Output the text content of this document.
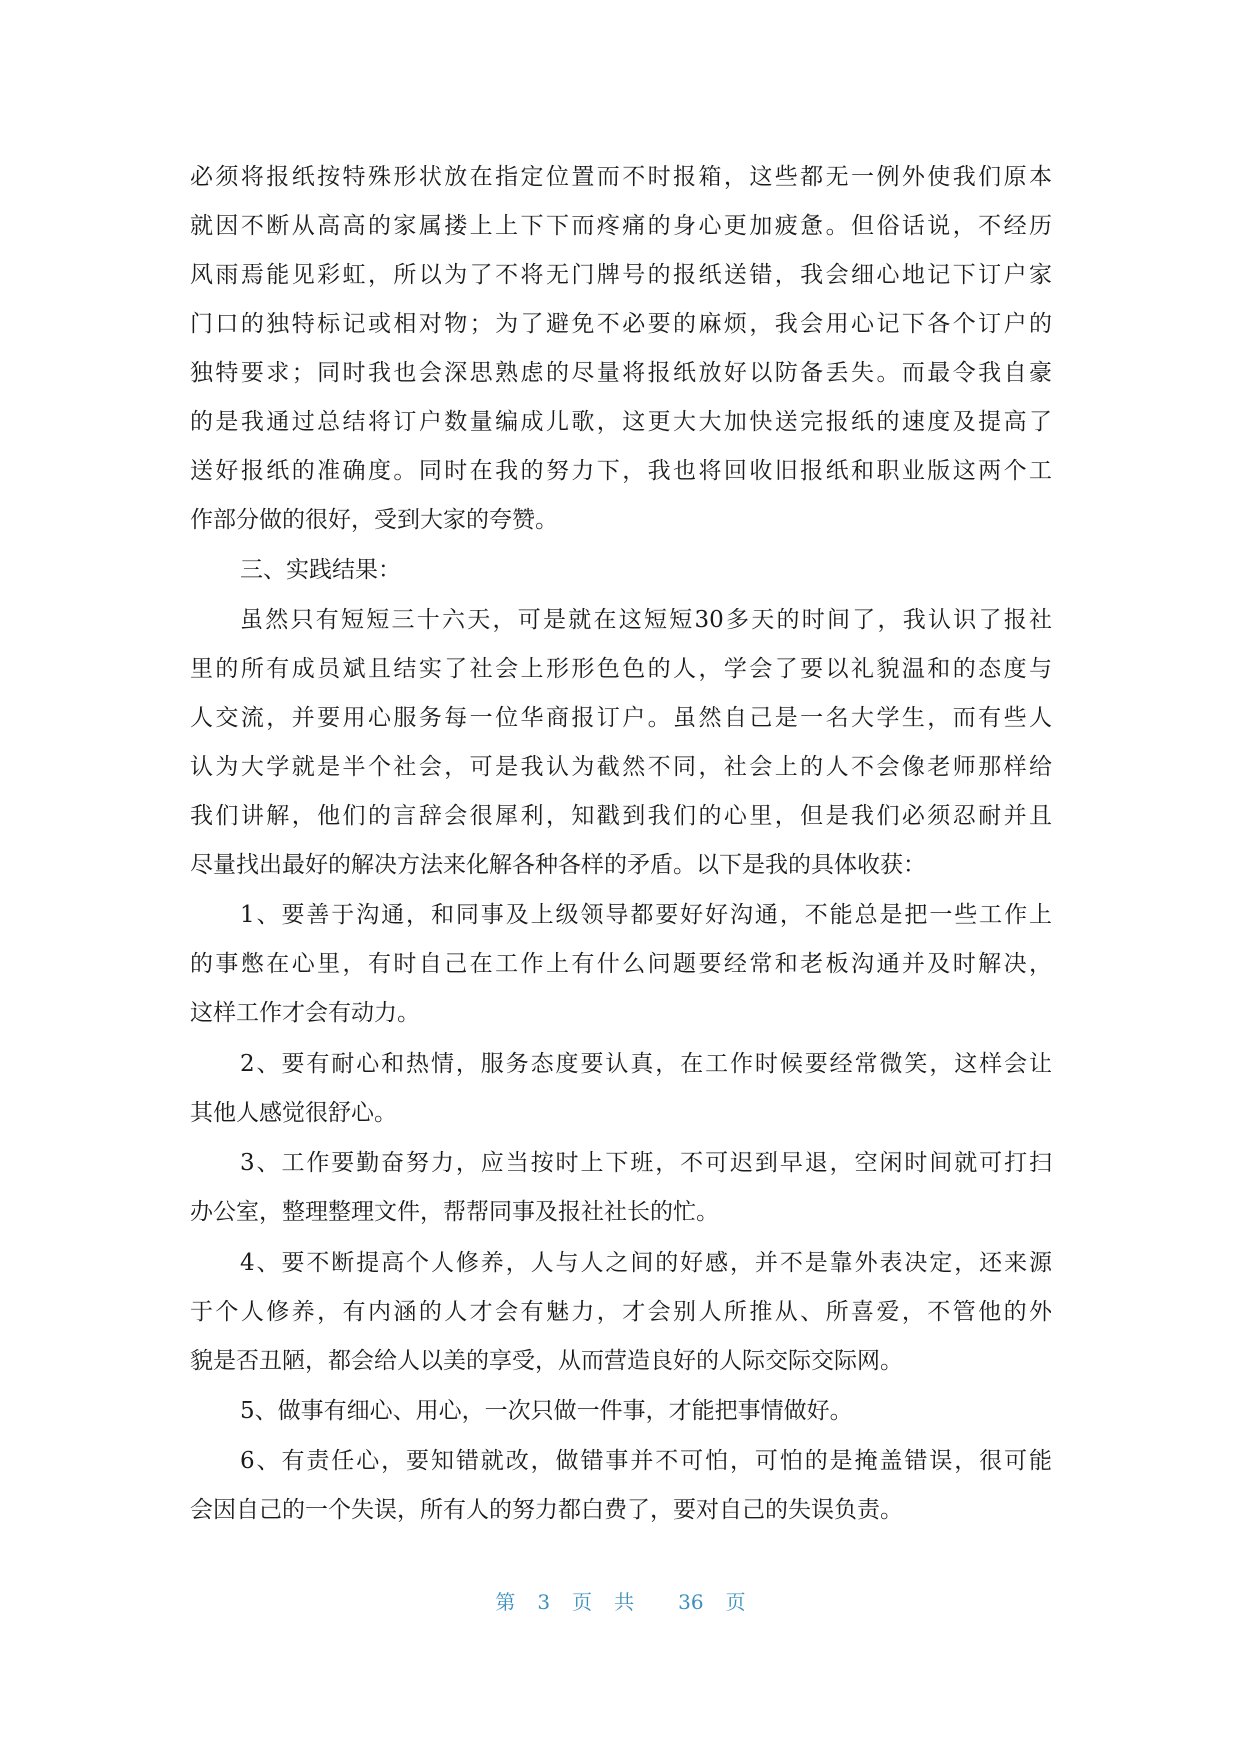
必须将报纸按特殊形状放在指定位置而不时报箱，这些都无一例外使我们原本
就因不断从高高的家属搂上上下下而疼痛的身心更加疲惫。但俗话说，不经历
风雨焉能见彩虹，所以为了不将无门牌号的报纸送错，我会细心地记下订户家
门口的独特标记或相对物；为了避免不必要的麻烦，我会用心记下各个订户的
独特要求；同时我也会深思熟虑的尽量将报纸放好以防备丢失。而最令我自豪
的是我通过总结将订户数量编成儿歌，这更大大加快送完报纸的速度及提高了
送好报纸的准确度。同时在我的努力下，我也将回收旧报纸和职业版这两个工
作部分做的很好，受到大家的夸赞。
三、实践结果：
虽然只有短短三十六天，可是就在这短短30多天的时间了，我认识了报社
里的所有成员斌且结实了社会上形形色色的人，学会了要以礼貌温和的态度与
人交流，并要用心服务每一位华商报订户。虽然自己是一名大学生，而有些人
认为大学就是半个社会，可是我认为截然不同，社会上的人不会像老师那样给
我们讲解，他们的言辞会很犀利，知戳到我们的心里，但是我们必须忍耐并且
尽量找出最好的解决方法来化解各种各样的矛盾。以下是我的具体收获：
1、要善于沟通，和同事及上级领导都要好好沟通，不能总是把一些工作上
的事憋在心里，有时自己在工作上有什么问题要经常和老板沟通并及时解决，
这样工作才会有动力。
2、要有耐心和热情，服务态度要认真，在工作时候要经常微笑，这样会让
其他人感觉很舒心。
3、工作要勤奋努力，应当按时上下班，不可迟到早退，空闲时间就可打扫
办公室，整理整理文件，帮帮同事及报社社长的忙。
4、要不断提高个人修养，人与人之间的好感，并不是靠外表决定，还来源
于个人修养，有内涵的人才会有魅力，才会别人所推从、所喜爱，不管他的外
貌是否丑陋，都会给人以美的享受，从而营造良好的人际交际交际网。
5、做事有细心、用心，一次只做一件事，才能把事情做好。
6、有责任心，要知错就改，做错事并不可怕，可怕的是掩盖错误，很可能
会因自己的一个失误，所有人的努力都白费了，要对自己的失误负责。
第 3 页共 36 页
